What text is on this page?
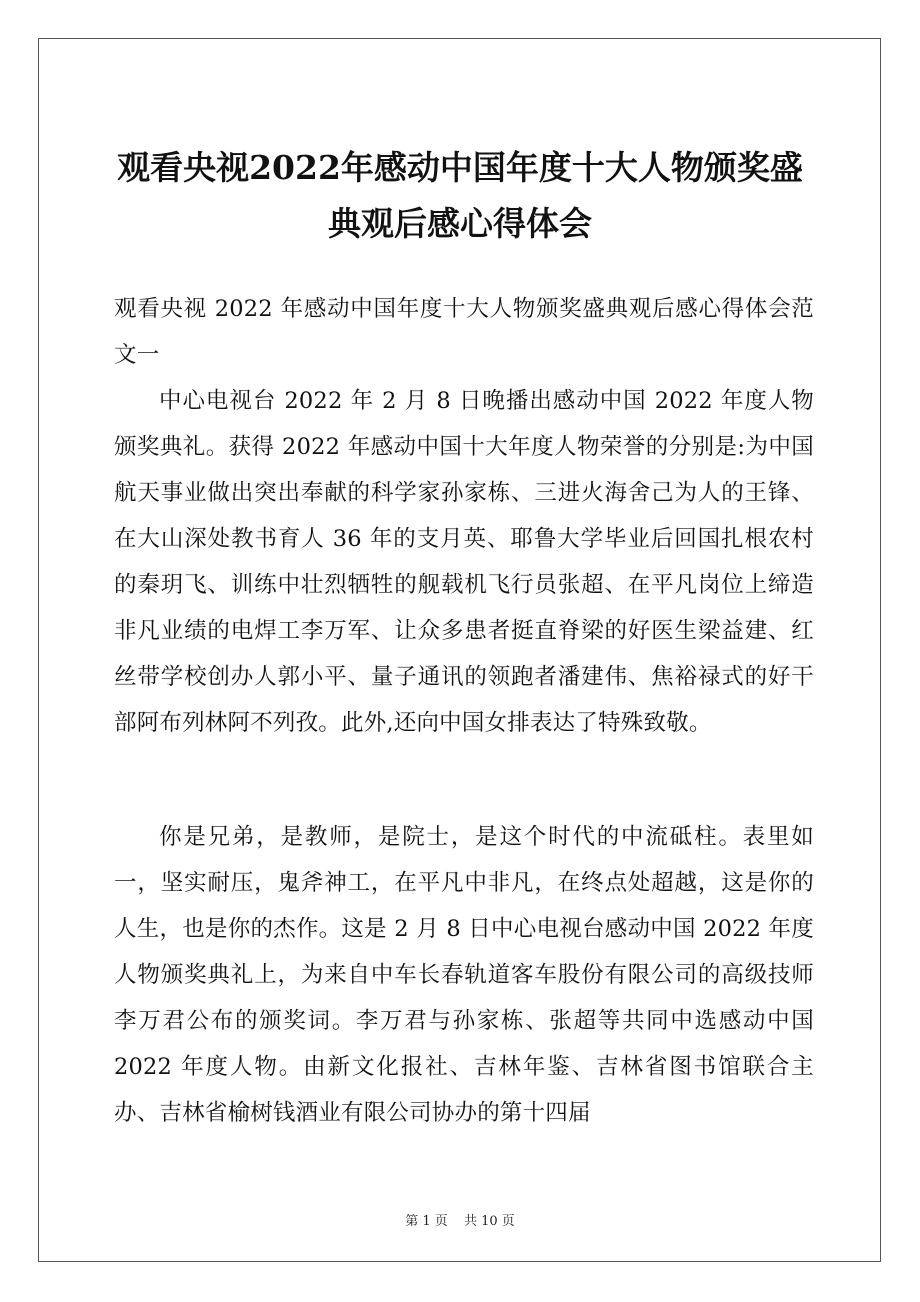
观看央视2022年感动中国年度十大人物颁奖盛
典观后感心得体会

观看央视 2022 年感动中国年度十大人物颁奖盛典观后感心得体会范文一

中心电视台 2022 年 2 月 8 日晚播出感动中国 2022 年度人物颁奖典礼。获得 2022 年感动中国十大年度人物荣誉的分别是:为中国航天事业做出突出奉献的科学家孙家栋、三进火海舍己为人的王锋、在大山深处教书育人 36 年的支月英、耶鲁大学毕业后回国扎根农村的秦玥飞、训练中壮烈牺牲的舰载机飞行员张超、在平凡岗位上缔造非凡业绩的电焊工李万军、让众多患者挺直脊梁的好医生梁益建、红丝带学校创办人郭小平、量子通讯的领跑者潘建伟、焦裕禄式的好干部阿布列林阿不列孜。此外,还向中国女排表达了特殊致敬。

你是兄弟，是教师，是院士，是这个时代的中流砥柱。表里如一，坚实耐压，鬼斧神工，在平凡中非凡，在终点处超越，这是你的人生，也是你的杰作。这是 2 月 8 日中心电视台感动中国 2022 年度人物颁奖典礼上，为来自中车长春轨道客车股份有限公司的高级技师李万君公布的颁奖词。李万君与孙家栋、张超等共同中选感动中国 2022 年度人物。由新文化报社、吉林年鉴、吉林省图书馆联合主办、吉林省榆树钱酒业有限公司协办的第十四届

第 1 页 共 10 页
